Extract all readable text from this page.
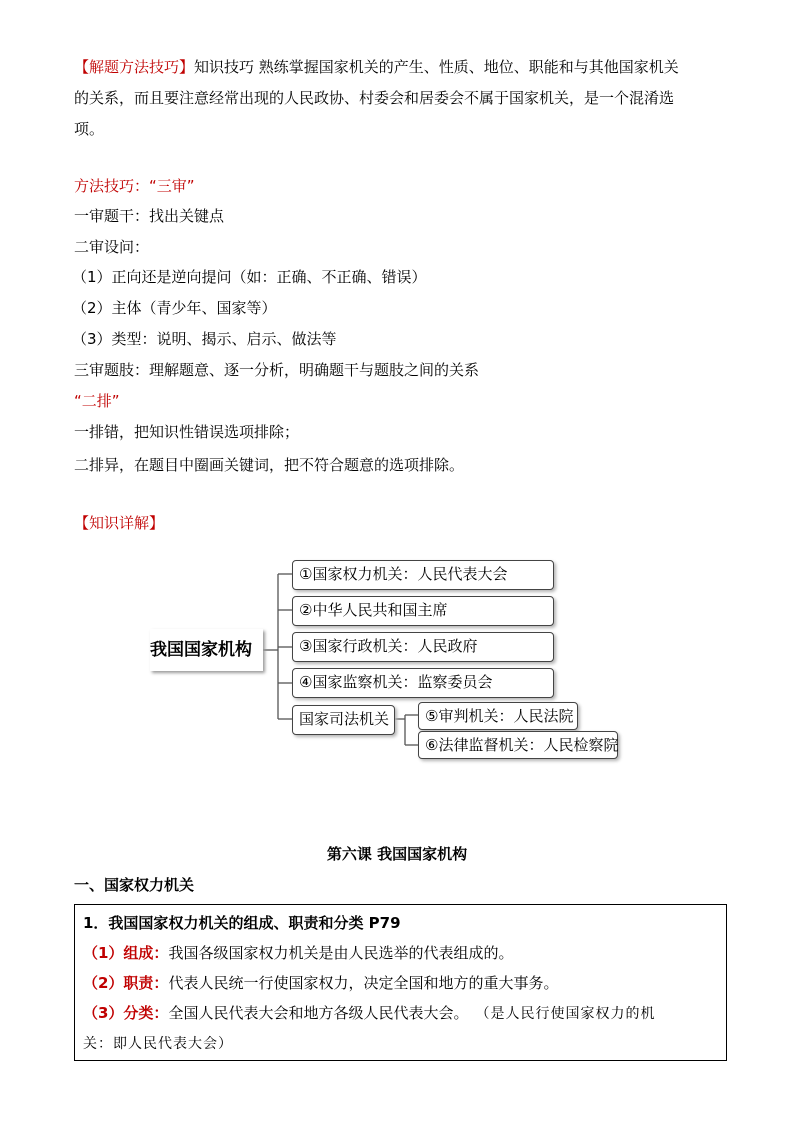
【解题方法技巧】知识技巧 熟练掌握国家机关的产生、性质、地位、职能和与其他国家机关
的关系，而且要注意经常出现的人民政协、村委会和居委会不属于国家机关，是一个混淆选
项。
方法技巧：“三审”
一审题干：找出关键点
二审设问：
（1）正向还是逆向提问（如：正确、不正确、错误）
（2）主体（青少年、国家等）
（3）类型：说明、揭示、启示、做法等
三审题肢：理解题意、逐一分析，明确题干与题肢之间的关系
“二排”
一排错，把知识性错误选项排除；
二排异，在题目中圈画关键词，把不符合题意的选项排除。
【知识详解】
我国国家机构
①国家权力机关：人民代表大会
②中华人民共和国主席
③国家行政机关：人民政府
④国家监察机关：监察委员会
国家司法机关	⑤审判机关：人民法院
⑥法律监督机关：人民检察院
第六课 我国国家机构
一、国家权力机关
1．我国国家权力机关的组成、职责和分类 P79
（1）组成：我国各级国家权力机关是由人民选举的代表组成的。
（2）职责：代表人民统一行使国家权力，决定全国和地方的重大事务。
（3）分类：全国人民代表大会和地方各级人民代表大会。 （是人民行使国家权力的机
关：即人民代表大会）
